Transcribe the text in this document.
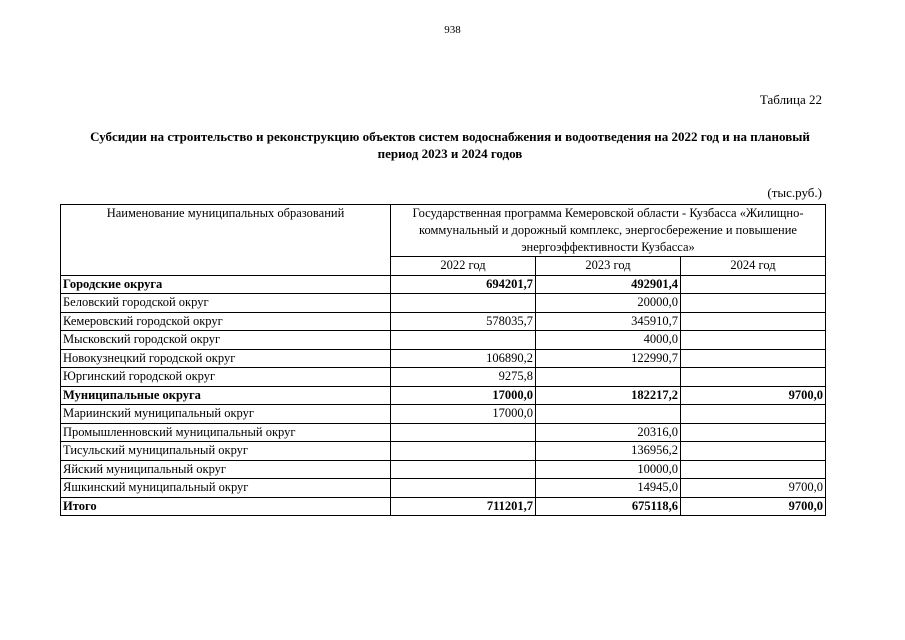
938
Таблица 22
Субсидии на строительство и реконструкцию объектов систем водоснабжения и водоотведения на 2022 год и на плановый период 2023 и 2024 годов
(тыс.руб.)
Наименование муниципальных образований	Государственная программа Кемеровской области - Кузбасса «Жилищно-коммунальный и дорожный комплекс, энергосбережение и повышение энергоэффективности Кузбасса»		
	2022 год	2023 год	2024 год
Городские округа	694201,7	492901,4	
Беловский городской округ		20000,0	
Кемеровский городской округ	578035,7	345910,7	
Мысковский городской округ		4000,0	
Новокузнецкий городской округ	106890,2	122990,7	
Юргинский городской округ	9275,8		
Муниципальные округа	17000,0	182217,2	9700,0
Мариинский муниципальный округ	17000,0		
Промышленновский муниципальный округ		20316,0	
Тисульский муниципальный округ		136956,2	
Яйский муниципальный округ		10000,0	
Яшкинский муниципальный округ		14945,0	9700,0
Итого	711201,7	675118,6	9700,0
